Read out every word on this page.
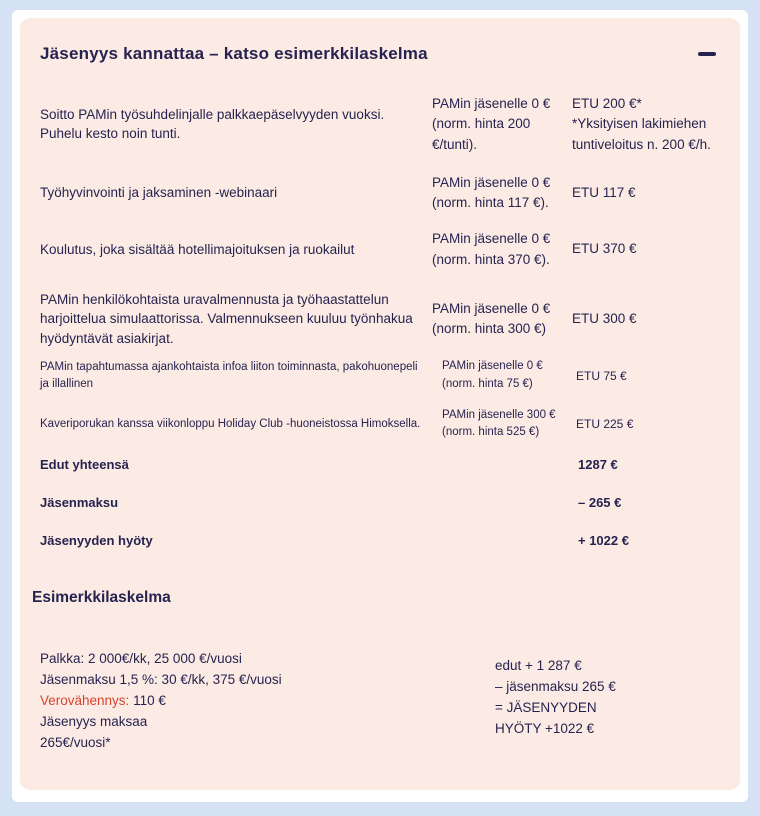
Jäsenyys kannattaa – katso esimerkkilaskelma
Soitto PAMin työsuhdelinjalle palkkaepäselvyyden vuoksi. Puhelu kesto noin tunti.
PAMin jäsenelle 0 € (norm. hinta 200 €/tunti).
ETU 200 €*
*Yksityisen lakimiehen tuntiveloitus n. 200 €/h.
Työhyvinvointi ja jaksaminen -webinaari
PAMin jäsenelle 0 € (norm. hinta 117 €).
ETU 117 €
Koulutus, joka sisältää hotellimajoituksen ja ruokailut
PAMin jäsenelle 0 € (norm. hinta 370 €).
ETU 370 €
PAMin henkilökohtaista uravalmennusta ja työhaastattelun harjoittelua simulaattorissa. Valmennukseen kuuluu työnhakua hyödyntävät asiakirjat.
PAMin jäsenelle 0 € (norm. hinta 300 €)
ETU 300 €
PAMin tapahtumassa ajankohtaista infoa liiton toiminnasta, pakohuonepeli ja illallinen
PAMin jäsenelle 0 € (norm. hinta 75 €)
ETU 75 €
Kaveriporukan kanssa viikonloppu Holiday Club -huoneistossa Himoksella.
PAMin jäsenelle 300 € (norm. hinta 525 €)
ETU 225 €
Edut yhteensä	1287 €
Jäsenmaksu	– 265 €
Jäsenyyden hyöty	+ 1022 €
Esimerkkilaskelma
Palkka: 2 000€/kk, 25 000 €/vuosi
Jäsenmaksu 1,5 %: 30 €/kk, 375 €/vuosi
Verovähennys: 110 €
Jäsenyys maksaa
265€/vuosi*
edut + 1 287 €
– jäsenmaksu 265 €
= JÄSENYYDEN
HYÖTY +1022 €
